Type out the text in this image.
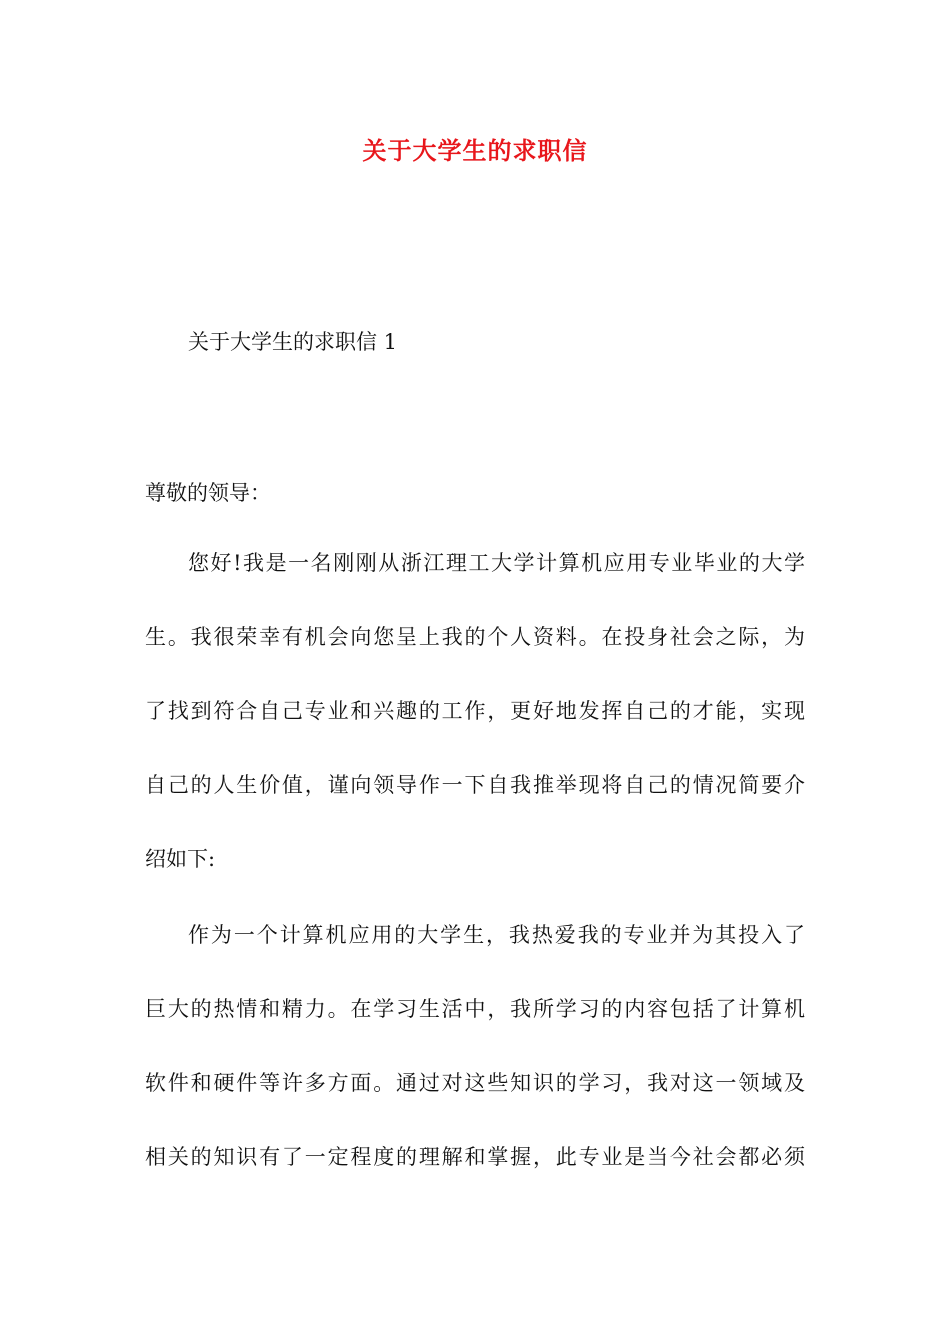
关于大学生的求职信
关于大学生的求职信 1
尊敬的领导：
您好!我是一名刚刚从浙江理工大学计算机应用专业毕业的大学
生。我很荣幸有机会向您呈上我的个人资料。在投身社会之际，为
了找到符合自己专业和兴趣的工作，更好地发挥自己的才能，实现
自己的人生价值，谨向领导作一下自我推举现将自己的情况简要介
绍如下:
作为一个计算机应用的大学生，我热爱我的专业并为其投入了
巨大的热情和精力。在学习生活中，我所学习的内容包括了计算机
软件和硬件等许多方面。通过对这些知识的学习，我对这一领域及
相关的知识有了一定程度的理解和掌握，此专业是当今社会都必须
